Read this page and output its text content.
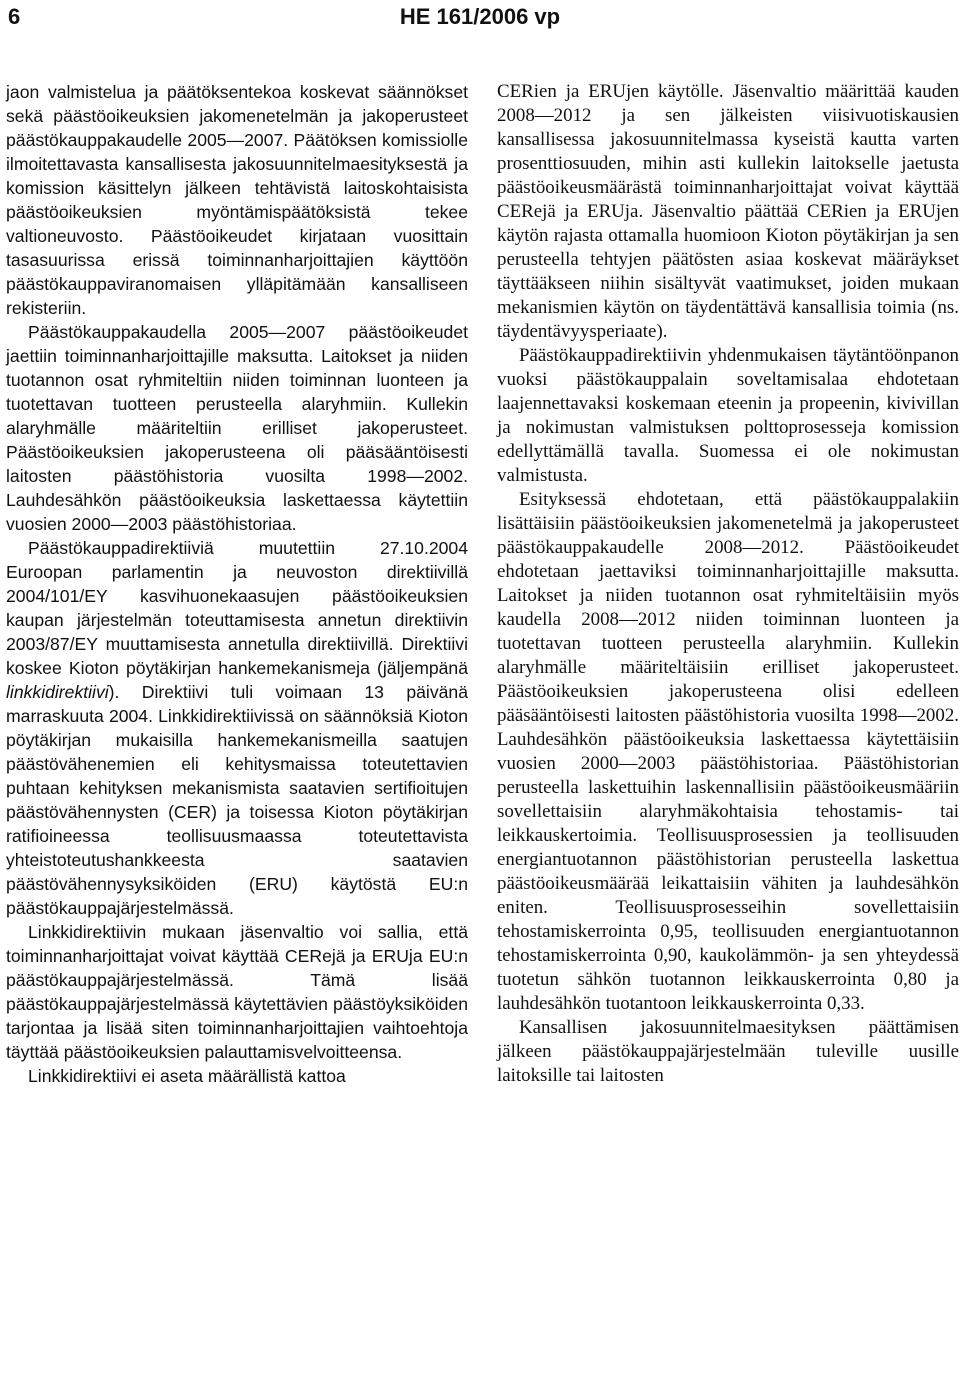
6	HE 161/2006 vp

jaon valmistelua ja päätöksentekoa koskevat säännökset sekä päästöoikeuksien jakomenetelmän ja jakoperusteet päästökauppakaudelle 2005—2007. Päätöksen komissiolle ilmoitettavasta kansallisesta jakosuunnitelmaesityksestä ja komission käsittelyn jälkeen tehtävistä laitoskohtaisista päästöoikeuksien myöntämispäätöksistä tekee valtioneuvosto. Päästöoikeudet kirjataan vuosittain tasasuurissa erissä toiminnanharjoittajien käyttöön päästökauppaviranomaisen ylläpitämään kansalliseen rekisteriin.

Päästökauppakaudella 2005—2007 päästöoikeudet jaettiin toiminnanharjoittajille maksutta. Laitokset ja niiden tuotannon osat ryhmiteltiin niiden toiminnan luonteen ja tuotettavan tuotteen perusteella alaryhmiin. Kullekin alaryhmälle määriteltiin erilliset jakoperusteet. Päästöoikeuksien jakoperusteena oli pääsääntöisesti laitosten päästöhistoria vuosilta 1998—2002. Lauhdesähkön päästöoikeuksia laskettaessa käytettiin vuosien 2000—2003 päästöhistoriaa.

Päästökauppadirektiiviä muutettiin 27.10.2004 Euroopan parlamentin ja neuvoston direktiivillä 2004/101/EY kasvihuonekaasujen päästöoikeuksien kaupan järjestelmän toteuttamisesta annetun direktiivin 2003/87/EY muuttamisesta annetulla direktiivillä. Direktiivi koskee Kioton pöytäkirjan hankemekanismeja (jäljempänä linkkidirektiivi). Direktiivi tuli voimaan 13 päivänä marraskuuta 2004. Linkkidirektiivissä on säännöksiä Kioton pöytäkirjan mukaisilla hankemekanismeilla saatujen päästövähenemien eli kehitysmaissa toteutettavien puhtaan kehityksen mekanismista saatavien sertifioitujen päästövähennysten (CER) ja toisessa Kioton pöytäkirjan ratifioineessa teollisuusmaassa toteutettavista yhteistoteutushankkeesta saatavien päästövähennysyksiköiden (ERU) käytöstä EU:n päästökauppajärjestelmässä.

Linkkidirektiivin mukaan jäsenvaltio voi sallia, että toiminnanharjoittajat voivat käyttää CERejä ja ERUja EU:n päästökauppajärjestelmässä. Tämä lisää päästökauppajärjestelmässä käytettävien päästöyksiköiden tarjontaa ja lisää siten toiminnanharjoittajien vaihtoehtoja täyttää päästöoikeuksien palauttamisvelvoitteensa.

Linkkidirektiivi ei aseta määrällistä kattoa

CERien ja ERUjen käytölle. Jäsenvaltio määrittää kauden 2008—2012 ja sen jälkeisten viisivuotiskausien kansallisessa jakosuunnitelmassa kyseistä kautta varten prosenttiosuuden, mihin asti kullekin laitokselle jaetusta päästöoikeusmäärästä toiminnanharjoittajat voivat käyttää CERejä ja ERUja. Jäsenvaltio päättää CERien ja ERUjen käytön rajasta ottamalla huomioon Kioton pöytäkirjan ja sen perusteella tehtyjen päätösten asiaa koskevat määräykset täyttääkseen niihin sisältyvät vaatimukset, joiden mukaan mekanismien käytön on täydentättävä kansallisia toimia (ns. täydentävyysperiaate).

Päästökauppadirektiivin yhdenmukaisen täytäntöönpanon vuoksi päästökauppalain soveltamisalaa ehdotetaan laajennettavaksi koskemaan eteenin ja propeenin, kivivillan ja nokimustan valmistuksen polttoprosesseja komission edellyttämällä tavalla. Suomessa ei ole nokimustan valmistusta.

Esityksessä ehdotetaan, että päästökauppalakiin lisättäisiin päästöoikeuksien jakomenetelmä ja jakoperusteet päästökauppakaudelle 2008—2012. Päästöoikeudet ehdotetaan jaettaviksi toiminnanharjoittajille maksutta. Laitokset ja niiden tuotannon osat ryhmiteltäisiin myös kaudella 2008—2012 niiden toiminnan luonteen ja tuotettavan tuotteen perusteella alaryhmiin. Kullekin alaryhmälle määriteltäisiin erilliset jakoperusteet. Päästöoikeuksien jakoperusteena olisi edelleen pääsääntöisesti laitosten päästöhistoria vuosilta 1998—2002. Lauhdesähkön päästöoikeuksia laskettaessa käytettäisiin vuosien 2000—2003 päästöhistoriaa. Päästöhistorian perusteella laskettuihin laskennallisiin päästöoikeusmääriin sovellettaisiin alaryhmäkohtaisia tehostamis- tai leikkauskertoimia. Teollisuusprosessien ja teollisuuden energiantuotannon päästöhistorian perusteella laskettua päästöoikeusmäärää leikattaisiin vähiten ja lauhdesähkön eniten. Teollisuusprosesseihin sovellettaisiin tehostamiskerrointa 0,95, teollisuuden energiantuotannon tehostamiskerrointa 0,90, kaukolämmön- ja sen yhteydessä tuotetun sähkön tuotannon leikkauskerrointa 0,80 ja lauhdesähkön tuotantoon leikkauskerrointa 0,33.

Kansallisen jakosuunnitelmaesityksen päättämisen jälkeen päästökauppajärjestelmään tuleville uusille laitoksille tai laitosten
